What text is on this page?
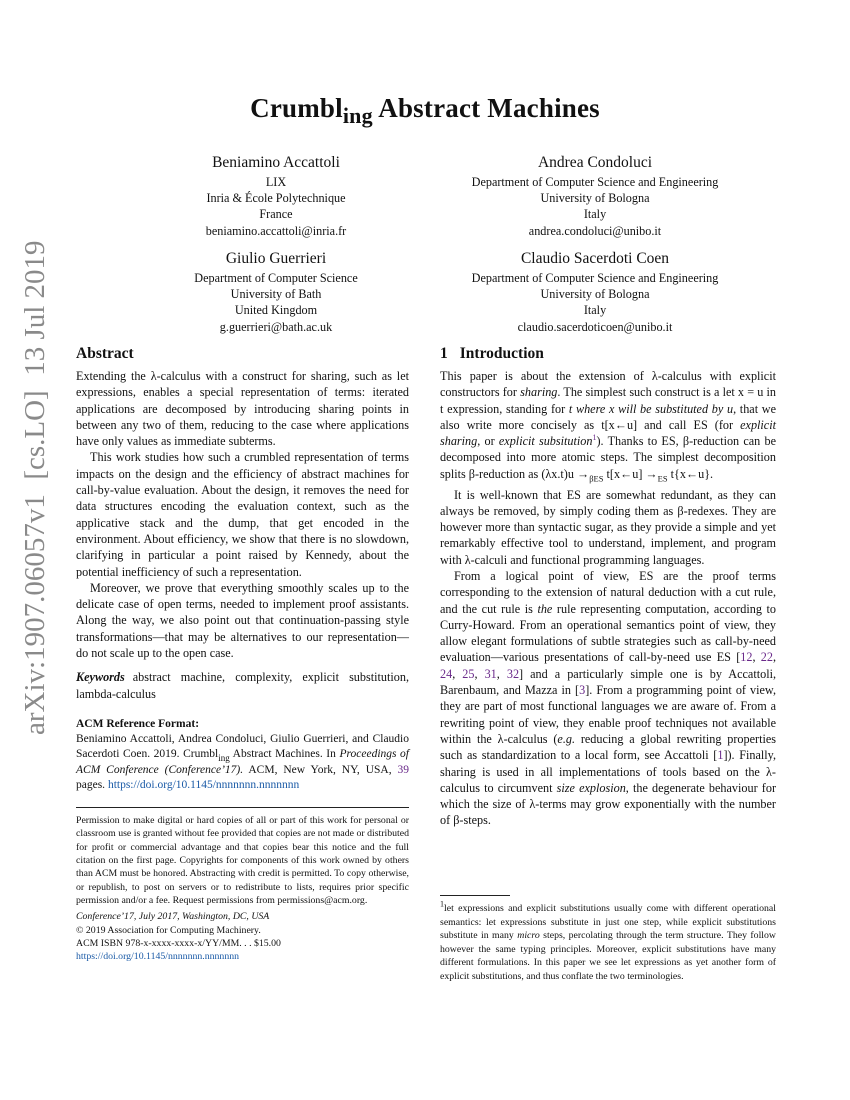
arXiv:1907.06057v1  [cs.LO]  13 Jul 2019
Crumbl$_{ing}$ Abstract Machines
Beniamino Accattoli
LIX
Inria & École Polytechnique
France
beniamino.accattoli@inria.fr
Andrea Condoluci
Department of Computer Science and Engineering
University of Bologna
Italy
andrea.condoluci@unibo.it
Giulio Guerrieri
Department of Computer Science
University of Bath
United Kingdom
g.guerrieri@bath.ac.uk
Claudio Sacerdoti Coen
Department of Computer Science and Engineering
University of Bologna
Italy
claudio.sacerdoticoen@unibo.it
Abstract

Extending the λ-calculus with a construct for sharing, such as let expressions, enables a special representation of terms: iterated applications are decomposed by introducing sharing points in between any two of them, reducing to the case where applications have only values as immediate subterms.

This work studies how such a crumbled representation of terms impacts on the design and the efficiency of abstract machines for call-by-value evaluation. About the design, it removes the need for data structures encoding the evaluation context, such as the applicative stack and the dump, that get encoded in the environment. About efficiency, we show that there is no slowdown, clarifying in particular a point raised by Kennedy, about the potential inefficiency of such a representation.

Moreover, we prove that everything smoothly scales up to the delicate case of open terms, needed to implement proof assistants. Along the way, we also point out that continuation-passing style transformations—that may be alternatives to our representation—do not scale up to the open case.

Keywords abstract machine, complexity, explicit substitution, lambda-calculus

ACM Reference Format:
Beniamino Accattoli, Andrea Condoluci, Giulio Guerrieri, and Claudio Sacerdoti Coen. 2019. Crumbl$_{ing}$ Abstract Machines. In Proceedings of ACM Conference (Conference’17). ACM, New York, NY, USA, 39 pages. https://doi.org/10.1145/nnnnnnn.nnnnnnn

Permission to make digital or hard copies of all or part of this work for personal or classroom use is granted without fee provided that copies are not made or distributed for profit or commercial advantage and that copies bear this notice and the full citation on the first page. Copyrights for components of this work owned by others than ACM must be honored. Abstracting with credit is permitted. To copy otherwise, or republish, to post on servers or to redistribute to lists, requires prior specific permission and/or a fee. Request permissions from permissions@acm.org.

Conference’17, July 2017, Washington, DC, USA

© 2019 Association for Computing Machinery.

ACM ISBN 978-x-xxxx-xxxx-x/YY/MM. . . $15.00

https://doi.org/10.1145/nnnnnnn.nnnnnnn

1 Introduction

This paper is about the extension of λ-calculus with explicit constructors for sharing. The simplest such construct is a let x = u in t expression, standing for t where x will be substituted by u, that we also write more concisely as t[x←u] and call ES (for explicit sharing, or explicit subsitution$^1$). Thanks to ES, β-reduction can be decomposed into more atomic steps. The simplest decomposition splits β-reduction as $(\lambda x.t)u \to_{\beta ES}$ t[x←u] $\to_{ES}$ t{x←u}.

It is well-known that ES are somewhat redundant, as they can always be removed, by simply coding them as β-redexes. They are however more than syntactic sugar, as they provide a simple and yet remarkably effective tool to understand, implement, and program with λ-calculi and functional programming languages.

From a logical point of view, ES are the proof terms corresponding to the extension of natural deduction with a cut rule, and the cut rule is the rule representing computation, according to Curry-Howard. From an operational semantics point of view, they allow elegant formulations of subtle strategies such as call-by-need evaluation—various presentations of call-by-need use ES [12, 22, 24, 25, 31, 32] and a particularly simple one is by Accattoli, Barenbaum, and Mazza in [3]. From a programming point of view, they are part of most functional languages we are aware of. From a rewriting point of view, they enable proof techniques not available within the λ-calculus (e.g. reducing a global rewriting properties such as standardization to a local form, see Accattoli [1]). Finally, sharing is used in all implementations of tools based on the λ-calculus to circumvent size explosion, the degenerate behaviour for which the size of λ-terms may grow exponentially with the number of β-steps.

$^1$let expressions and explicit substitutions usually come with different operational semantics: let expressions substitute in just one step, while explicit substitutions substitute in many micro steps, percolating through the term structure. They follow however the same typing principles. Moreover, explicit substitutions have many different formulations. In this paper we see let expressions as yet another form of explicit substitutions, and thus conflate the two terminologies.
